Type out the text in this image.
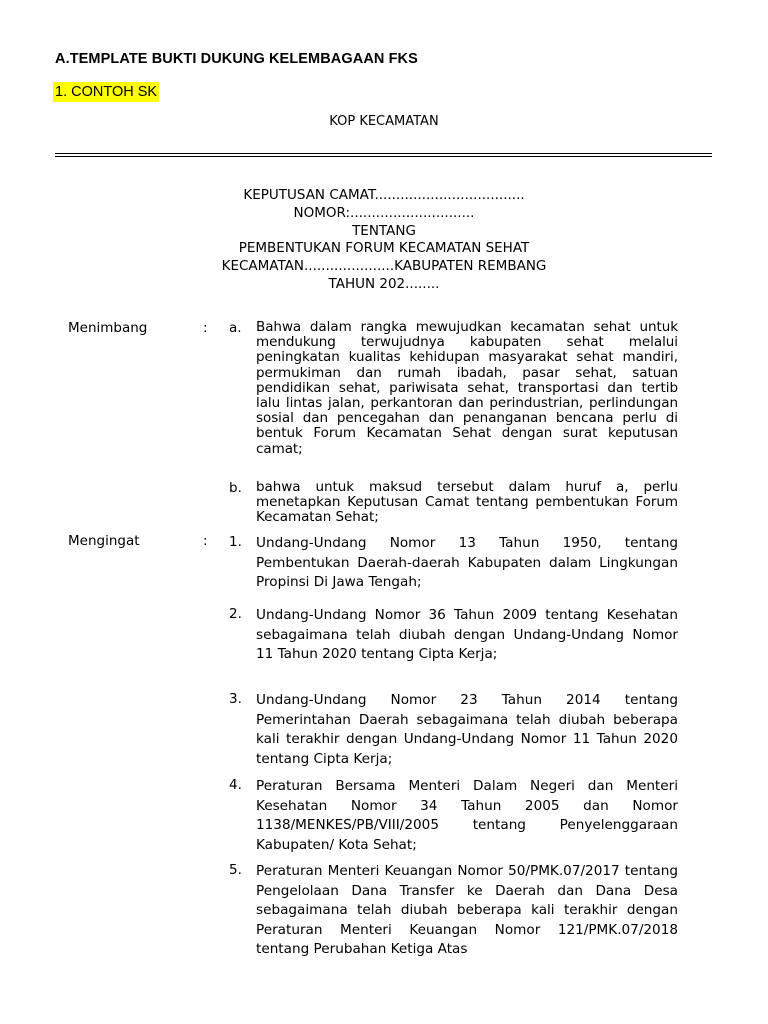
A.TEMPLATE BUKTI DUKUNG KELEMBAGAAN FKS
1. CONTOH SK
KOP KECAMATAN
KEPUTUSAN CAMAT...................................
NOMOR:.............................
TENTANG
PEMBENTUKAN FORUM KECAMATAN SEHAT
KECAMATAN.....................KABUPATEN REMBANG
TAHUN 202........
Menimbang	: a. Bahwa dalam rangka mewujudkan kecamatan sehat untuk mendukung terwujudnya kabupaten sehat melalui peningkatan kualitas kehidupan masyarakat sehat mandiri, permukiman dan rumah ibadah, pasar sehat, satuan pendidikan sehat, pariwisata sehat, transportasi dan tertib lalu lintas jalan, perkantoran dan perindustrian, perlindungan sosial dan pencegahan dan penanganan bencana perlu di bentuk Forum Kecamatan Sehat dengan surat keputusan camat;
b. bahwa untuk maksud tersebut dalam huruf a, perlu menetapkan Keputusan Camat tentang pembentukan Forum Kecamatan Sehat;
Mengingat	: 1. Undang-Undang Nomor 13 Tahun 1950, tentang Pembentukan Daerah-daerah Kabupaten dalam Lingkungan Propinsi Di Jawa Tengah;
2. Undang-Undang Nomor 36 Tahun 2009 tentang Kesehatan sebagaimana telah diubah dengan Undang-Undang Nomor 11 Tahun 2020 tentang Cipta Kerja;
3. Undang-Undang Nomor 23 Tahun 2014 tentang Pemerintahan Daerah sebagaimana telah diubah beberapa kali terakhir dengan Undang-Undang Nomor 11 Tahun 2020 tentang Cipta Kerja;
4. Peraturan Bersama Menteri Dalam Negeri dan Menteri Kesehatan Nomor 34 Tahun 2005 dan Nomor 1138/MENKES/PB/VIII/2005 tentang Penyelenggaraan Kabupaten/ Kota Sehat;
5. Peraturan Menteri Keuangan Nomor 50/PMK.07/2017 tentang Pengelolaan Dana Transfer ke Daerah dan Dana Desa sebagaimana telah diubah beberapa kali terakhir dengan Peraturan Menteri Keuangan Nomor 121/PMK.07/2018 tentang Perubahan Ketiga Atas
